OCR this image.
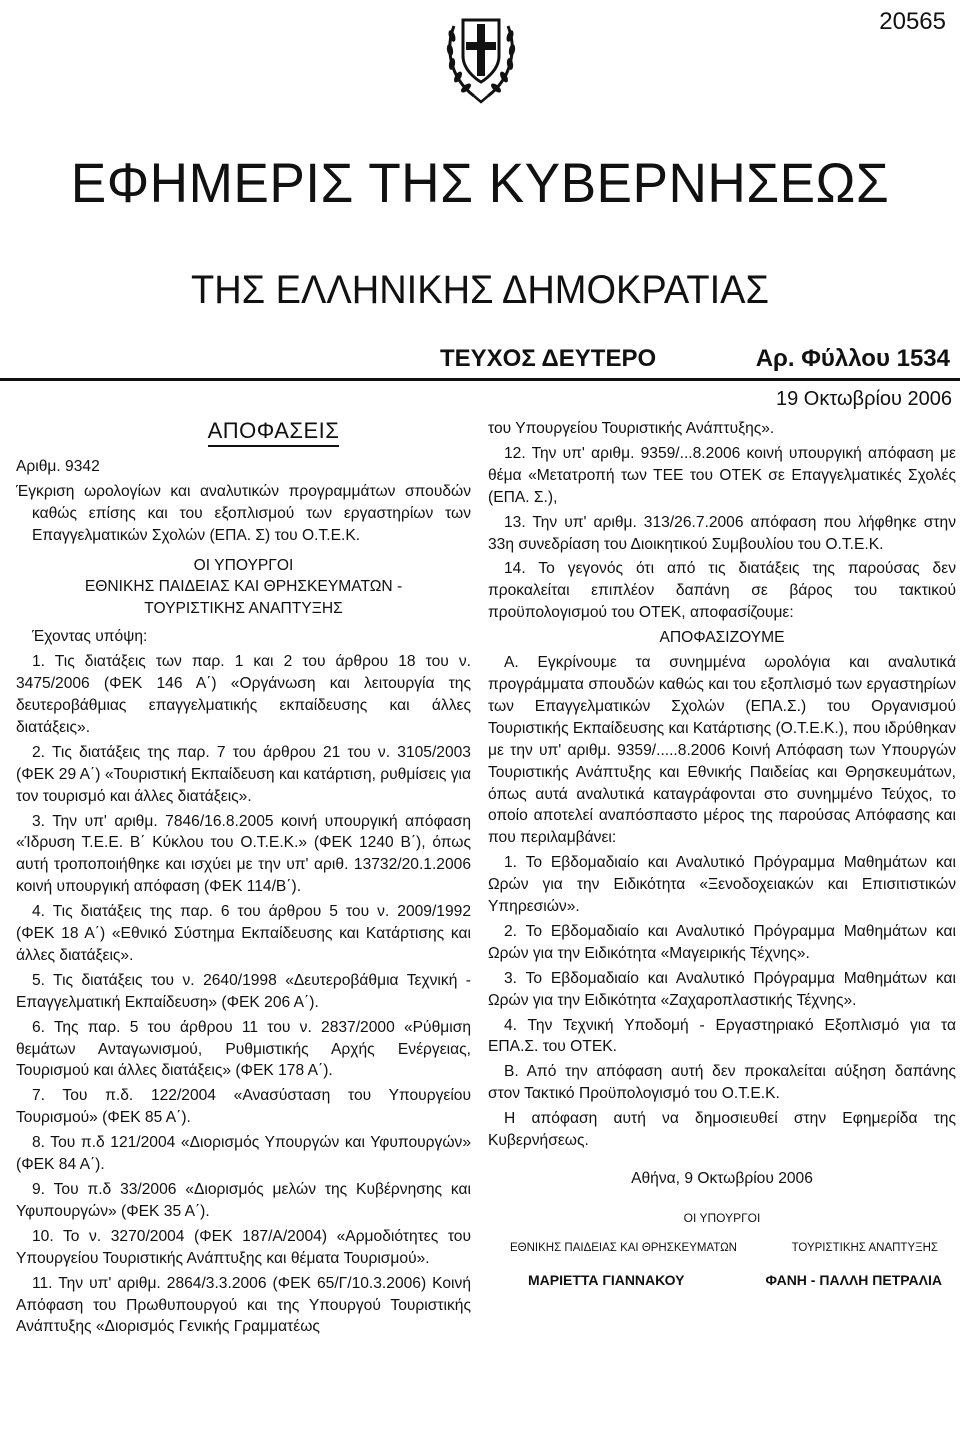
20565
ΕΦΗΜΕΡΙΣ ΤΗΣ ΚΥΒΕΡΝΗΣΕΩΣ
ΤΗΣ ΕΛΛΗΝΙΚΗΣ ΔΗΜΟΚΡΑΤΙΑΣ
ΤΕΥΧΟΣ ΔΕΥΤΕΡΟ	Αρ. Φύλλου 1534
19 Οκτωβρίου 2006
ΑΠΟΦΑΣΕΙΣ

Αριθμ. 9342

Έγκριση ωρολογίων και αναλυτικών προγραμμάτων σπουδών καθώς επίσης και του εξοπλισμού των εργαστηρίων των Επαγγελματικών Σχολών (ΕΠΑ. Σ) του Ο.Τ.Ε.Κ.

ΟΙ ΥΠΟΥΡΓΟΙ
ΕΘΝΙΚΗΣ ΠΑΙΔΕΙΑΣ ΚΑΙ ΘΡΗΣΚΕΥΜΑΤΩΝ -
ΤΟΥΡΙΣΤΙΚΗΣ ΑΝΑΠΤΥΞΗΣ

Έχοντας υπόψη:

1. Τις διατάξεις των παρ. 1 και 2 του άρθρου 18 του ν. 3475/2006 (ΦΕΚ 146 Α΄) «Οργάνωση και λειτουργία της δευτεροβάθμιας επαγγελματικής εκπαίδευσης και άλλες διατάξεις».

2. Τις διατάξεις της παρ. 7 του άρθρου 21 του ν. 3105/2003 (ΦΕΚ 29 Α΄) «Τουριστική Εκπαίδευση και κατάρτιση, ρυθμίσεις για τον τουρισμό και άλλες διατάξεις».

3. Την υπ' αριθμ. 7846/16.8.2005 κοινή υπουργική απόφαση «Ίδρυση Τ.Ε.Ε. Β΄ Κύκλου του Ο.Τ.Ε.Κ.» (ΦΕΚ 1240 Β΄), όπως αυτή τροποποιήθηκε και ισχύει με την υπ' αριθ. 13732/20.1.2006 κοινή υπουργική απόφαση (ΦΕΚ 114/Β΄).

4. Τις διατάξεις της παρ. 6 του άρθρου 5 του ν. 2009/1992 (ΦΕΚ 18 Α΄) «Εθνικό Σύστημα Εκπαίδευσης και Κατάρτισης και άλλες διατάξεις».

5. Τις διατάξεις του ν. 2640/1998 «Δευτεροβάθμια Τεχνική - Επαγγελματική Εκπαίδευση» (ΦΕΚ 206 Α΄).

6. Της παρ. 5 του άρθρου 11 του ν. 2837/2000 «Ρύθμιση θεμάτων Ανταγωνισμού, Ρυθμιστικής Αρχής Ενέργειας, Τουρισμού και άλλες διατάξεις» (ΦΕΚ 178 Α΄).

7. Του π.δ. 122/2004 «Ανασύσταση του Υπουργείου Τουρισμού» (ΦΕΚ 85 Α΄).

8. Του π.δ 121/2004 «Διορισμός Υπουργών και Υφυπουργών» (ΦΕΚ 84 Α΄).

9. Του π.δ 33/2006 «Διορισμός μελών της Κυβέρνησης και Υφυπουργών» (ΦΕΚ 35 Α΄).

10. Το ν. 3270/2004 (ΦΕΚ 187/Α/2004) «Αρμοδιότητες του Υπουργείου Τουριστικής Ανάπτυξης και θέματα Τουρισμού».

11. Την υπ' αριθμ. 2864/3.3.2006 (ΦΕΚ 65/Γ/10.3.2006) Κοινή Απόφαση του Πρωθυπουργού και της Υπουργού Τουριστικής Ανάπτυξης «Διορισμός Γενικής Γραμματέως

του Υπουργείου Τουριστικής Ανάπτυξης».

12. Την υπ' αριθμ. 9359/...8.2006 κοινή υπουργική απόφαση με θέμα «Μετατροπή των ΤΕΕ του ΟΤΕΚ σε Επαγγελματικές Σχολές (ΕΠΑ. Σ.),

13. Την υπ' αριθμ. 313/26.7.2006 απόφαση που λήφθηκε στην 33η συνεδρίαση του Διοικητικού Συμβουλίου του Ο.Τ.Ε.Κ.

14. Το γεγονός ότι από τις διατάξεις της παρούσας δεν προκαλείται επιπλέον δαπάνη σε βάρος του τακτικού προϋπολογισμού του ΟΤΕΚ, αποφασίζουμε:

ΑΠΟΦΑΣΙΖΟΥΜΕ

Α. Εγκρίνουμε τα συνημμένα ωρολόγια και αναλυτικά προγράμματα σπουδών καθώς και του εξοπλισμό των εργαστηρίων των Επαγγελματικών Σχολών (ΕΠΑ.Σ.) του Οργανισμού Τουριστικής Εκπαίδευσης και Κατάρτισης (Ο.Τ.Ε.Κ.), που ιδρύθηκαν με την υπ' αριθμ. 9359/.....8.2006 Κοινή Απόφαση των Υπουργών Τουριστικής Ανάπτυξης και Εθνικής Παιδείας και Θρησκευμάτων, όπως αυτά αναλυτικά καταγράφονται στο συνημμένο Τεύχος, το οποίο αποτελεί αναπόσπαστο μέρος της παρούσας Απόφασης και που περιλαμβάνει:

1. Το Εβδομαδιαίο και Αναλυτικό Πρόγραμμα Μαθημάτων και Ωρών για την Ειδικότητα «Ξενοδοχειακών και Επισιτιστικών Υπηρεσιών».

2. Το Εβδομαδιαίο και Αναλυτικό Πρόγραμμα Μαθημάτων και Ωρών για την Ειδικότητα «Μαγειρικής Τέχνης».

3. Το Εβδομαδιαίο και Αναλυτικό Πρόγραμμα Μαθημάτων και Ωρών για την Ειδικότητα «Ζαχαροπλαστικής Τέχνης».

4. Την Τεχνική Υποδομή - Εργαστηριακό Εξοπλισμό για τα ΕΠΑ.Σ. του ΟΤΕΚ.

Β. Από την απόφαση αυτή δεν προκαλείται αύξηση δαπάνης στον Τακτικό Προϋπολογισμό του Ο.Τ.Ε.Κ.

Η απόφαση αυτή να δημοσιευθεί στην Εφημερίδα της Κυβερνήσεως.

Αθήνα, 9 Οκτωβρίου 2006
ΟΙ ΥΠΟΥΡΓΟΙ
ΕΘΝΙΚΗΣ ΠΑΙΔΕΙΑΣ ΚΑΙ ΘΡΗΣΚΕΥΜΑΤΩΝ	ΤΟΥΡΙΣΤΙΚΗΣ ΑΝΑΠΤΥΞΗΣ
ΜΑΡΙΕΤΤΑ ΓΙΑΝΝΑΚΟΥ	ΦΑΝΗ - ΠΑΛΛΗ ΠΕΤΡΑΛΙΑ
